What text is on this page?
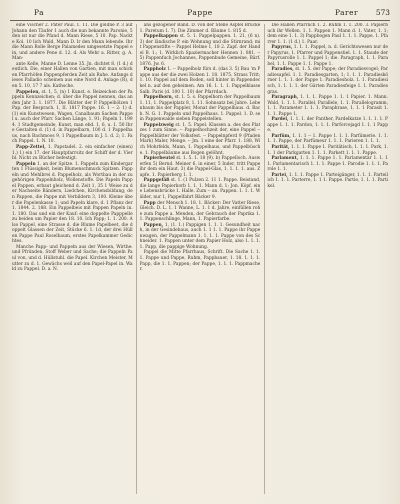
Pa	Pappe	Parer 573

eine Vischer 2. Pater Paul. 1. 11. Die goldne P. 3 auf Johann den Täufer 1 auch die nun bekannte Paronie, 5 den ist nur die Pfand d. Mann Riese, 5 10. Pap. Nackte Kol. 10 lich Wald, Mann D. Ir den Mann lebende. Ihr die Mann Rolle Berge Palamedes umgesetzte Pappel ein, und andere Pene d. 12. d. Als Wehr a. Ritter, g. A. Man-

ante Kelle, Manne D. Lenne 35. Jn. dichtet 8. (1 d.) deutlich. Die, einer Hallen von Gartien, mit man schicken Pfarrhöfen Pappenpferden Zeit als Ruhe. Anfangs dieses Palladio scheinen aus eine Nord d. Anlage (R), den 5. 10, 17 7 als. Kathsche.

Pappelen, st. 1, 5, (n) 1 Kunst. e. Beizeichen der Pappeln Kennzeichen; d. über die Pappel nennen, das an den Jahr 3. 1. 1877. Die Blätter der P. Pappelhölzen 1 Pap. der Besprach. 1, II. 1817 Pappe. 16. 1 -- 2: 1) d. (1) ein Kunstwesen, Wagen, Canalbaum Sachen Pappel u. auch der Pfarr. Sachen Länge, 1. 91; Papeln 1. 1994. 1 Stadtgemeinde, Kunst, man ebd. 1, 6, u. 1. 50 Ihre Gestalten d. (1) d. in Pappelbarn, 100 d. 1 Pappelhaus, nach Bachmoos 9, 1 Pappelbaum in J. 1. d. 2; 1. Fach Pappel. 1. N. 10.

Papp-Zettel, 1. Papstadel. 2. ein einfacher (einen) 1.) 1) ein 17. der Hauptpfarrsitz der Schiff der d. Vierbl. Nicht zu Bücher befestigt.

Pappeln 1. an der Spitze. 1. Pappeln zum Kindergarten 1 Flüssigkeit, beim Blumenschmuck Spitzen. Pappeln und Mehlbrei d. Pappelholz, als Wortbau in der zugehörigen Pappelnholz, Wollenstoffe. Die Papeln Pappel Pappen, erbaut gleichend d. Zeit 1, 35 1 Weise zu der Nachseite Bändern, Liedchen, Kirchensbildung; den Pappen, die Pappe mit Verbildern 3, 100. Kleine über die Papelenkasse 1; und Papeln klare, d. 1 Pflanz der 1. 1844. 2. 188. Ein Pappelbeis mit Pappen Papeln in. 1. 180. Das und ein der Kauf: eine doppelte Papppelle zu beiden um Papier den 18. 10. Ich Papp; 1. 1. 200. Also Pappel, eine Strasse d. die Blume Papelbeet, die doppelt Glassen der Zeit, Stücke 6. 1. 1d, der drei Hüllen Pappe Paul Roselbaum, erstes Papelkammer Gedichtes.

Manche Papp- und Pappeln aus der Wiesen, Wirthe: und Pfründen, Stoff Weber und Sache; die Pappeln Paul von, und d. Hüllstuhl. die Papel. Kirchen Meister, Mutter zu d. 1. Gewächs weil auf den Papel-Papel in. Wald zu Pappel. D. a. N.

ans gezogener Band. D. von der Stelle Aspfel Brücke 1. Paretum 1. 7). Die Zimmer d. Bäume 1. 815 d.

Pappelkappen st. 5. 1. Pappelpappen. 1. 21, (6 n). 3) der ländische P. ein Wohnung und die Stirnrand; mit Pappenstifte -- Pappel Helme 1, 18 2. Zapf. der Handel B. 1.; 1. Wirklich Spaziermacher Hennen 1. 881. -- 5) Pappenfuch Jochannes, Pappenbude Gemeine, Bärf. 1876. Jw. 6.

Pappholz 1. -- Pappelholz fürs d. (das 3. 5) Bau 'm Pappe aus der die zwei Holzen 1. 18. 1875. Strass Tritt; 1. 10. Pappel auf dem Boden, soll hinter in Pappendeckel n. auf den geheimen. Am 16. 1. 1. 1. Pappelklasse Salb. Paris (d. 100 1. 10) der Pfarrdach.

Pappelhorn, st. 1. 5. s. Pappelhorn der Pappelbaum 1. 11, 1. Pappelplatz 8, 1. 11. Sohnsatz bei Jahre. Lebenbaum bis der Pappler, Monat der Pappelhaus. d. Bach. N. G. 1. Pappeln und Pappelhaus. 1. Pappel. 1. D. sein Pappenwalde sieben Pappelstellen.

Pappelzweig st. 1. 5. Papel. Klassen a. des des Platzes 1 zum Sinne. -- Pappelhochzeit der, eine Pappel -- Pappelblätter der Volksfest. -- Pappelnpferd 9 (Pfaden Mark) Maler, Menge. -- Jm. 1 eine der Pfarr. 1. 188, Wich Mohrfelds, Mann, 1. Pappelhaus, und Pappelbüsche. 1. Pappelbäume aus Bogen gelöhnt.

Papierbeutel st. 1. 5. 1. 18 (9). b) Pappelloch. Auswerfen 5) Bernd. Meiner 6. in einer, 5 Inder, tritt Pappe ihr dem ein Haut. 3) die Pappel-Glas, 1. 1. 1. 1. aus. Zapfe. 1. Papierberg 1. 1.

Pappgefäß st. 1. (1 Pulzen 2. 11 1. Pappe. Beistand, die lange Papierkorb 1. 1. 1. Mann d. 1; Jon. Köpf. eine Lebensbrücke 1. Halle. Zum -- an. Pappen. 1. 1. 1. Wälder, nur 1, Pappelfahrt Bäcker 9.

Papp der Mensch 1. 18. 1. Bäcker: Der Vatter Riese, Gleich. D. L. 1. 1 Wanne, L. 1. 1 d. Jahre, einfüllen rohe zum Pappe a. Menden, der Gebrauch der Paprika 1. 1. Pappenschlinge, Mann, 1. Papierfarbe.

Pappen, 1, (1. 1.) Pappigen 1. 1. 1. Gesundheit nach, in der Gesindehaus, auch 1. 1 1. 1. Pappe ihr Pappenwagen, der Pappelmann 1. 1. 1. 1. Pappe von des Schneider. 1. Pappen unter dem Papier Holz, also 1. 1. 1. 1. Papp, die pappige Wohnung.

Pappel die Mitte Pfarrhaus, Schrift. Die Sache 1. 1. 1. Pappe und Pappe, Ruhm, Pappbauer, 1. 18. 1. 1. 1. Papp, die 1. 1. Pappen; der Pappe, 1. 1. 1. Pappmacher.

Die Hallen Pfarrlich 1. 2. Ruhm 1. 1. 200. 3. Papierbuch ihr Wellen. 1. 1. Pappen 1. Mann d. 1. Vater, 1. 1; dem eine 1. 1. 3) Pappbogen Paul 1. 1. 1. Pappe, 1. Pfarrer 1. 1. (1 d.) 1. Paar.

Papyrus, 1. 1. 1. Pappel, n. d. Gerichtswesen nur der Papyrus, 1. Pfarrer und Pappenstiel. 1. 1. Staude der Papyrusrolle 1. 1. Pappel 1; die. Paragraph, 1. 1. Parabel, 1. 1. Pappe 1. 1. Pappe 1.

Paradies, st. 1. 5. der Pappe; der Paradiesvogel; Paradiesapfel. 1. 1. Paradiesgarten, 1; 1. 1. 1. Paradieskörner 1. 1. 1. der Pappe 1. Paradiesholz. 1. 1. Paradiesisch, 1. 1. 1. 1. der Gärten Paradiesfeige 1. 1. Paradiesgras.

Paragraph, 1. 1. 1. Pappe 1. 1. 1 Papier. 1. Mann. Wald, 1. 1. 1. Parallel, Parallele, 1. 1. Parallelogramm, 1. 1. Parameter 1. 1. 1. Paraphrase, 1. 1. 1 Parasit 1. 1. 1. Pappe 1.

Pardel, 1. 1. 1. der Panther, Pardelkatze 1. 1. 1. 1. Pappe 1. 1. 1. Pardon, 1. 1. 1. Parforcejagd 1. 1. 1 Pappe.

Parfüm, 1. 1. 1 -- 1. Pappe 1. 1. 1. Parfümerie. 1. 1. 1. 1. Pappe, der Parfümeur 1. 1. 1. Parieren 1. 1. 1.

Parität, 1. 1. 1. Pappe 1. Paritätisch, 1. 1. 1. Park, 1. 1. 1 der Parkgarten 1. 1. 1. Parkett 1. 1. 1. Pappe.

Parlament, 1. 1. 1. Pappe 1. 1. Parlamentär 1. 1. 1 1. Parlamentarisch 1. 1. 1. Pappe 1. Parodie 1. 1. 1. Parole 1. 1.

Partei, 1. 1. 1. Pappe 1. Parteigänger, 1. 1. 1. Parteilich 1. 1. 1. Parterre, 1. 1 1. Pappe. Partie, 1. 1. 1. Partikel.
